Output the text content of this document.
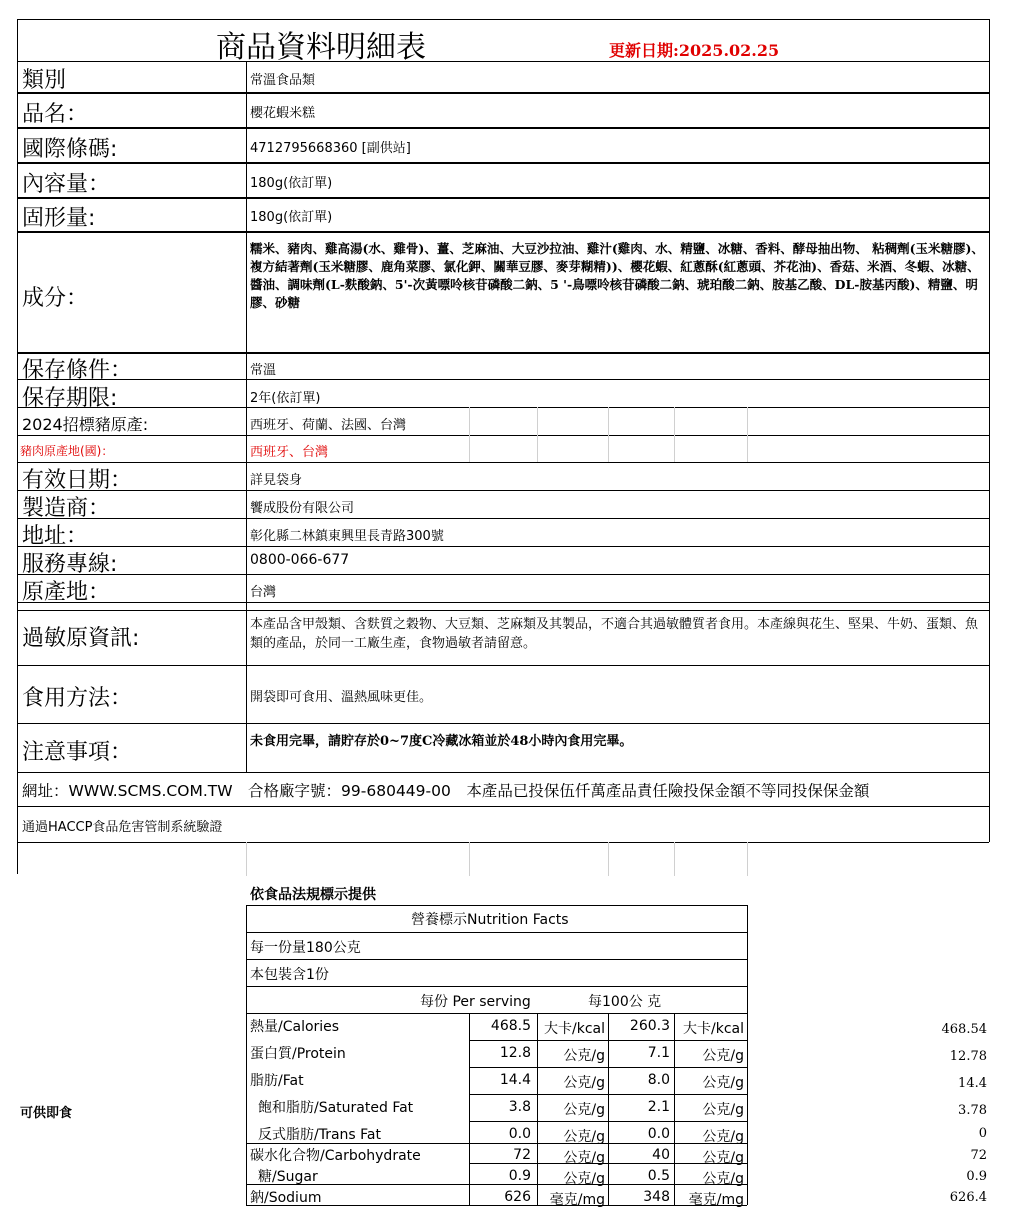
商品資料明細表	更新日期:2025.02.25
類別	常溫食品類
品名：	櫻花蝦米糕
國際條碼:	4712795668360 [副供站]
內容量：	180g(依訂單)
固形量:	180g(依訂單)
成分：
糯米、豬肉、雞高湯(水、雞骨)、薑、芝麻油、大豆沙拉油、雞汁(雞肉、水、精鹽、冰糖、香料、酵母抽出物、 粘稠劑(玉米糖膠)、複方結著劑(玉米糖膠、鹿角菜膠、氯化鉀、關華豆膠、麥芽糊精))、櫻花蝦、紅蔥酥(紅蔥頭、芥花油)、香菇、米酒、冬蝦、冰糖、醬油、調味劑(L-麩酸鈉、5'-次黃嘌呤核苷磷酸二鈉、5 '-鳥嘌呤核苷磷酸二鈉、琥珀酸二鈉、胺基乙酸、DL-胺基丙酸)、精鹽、明膠、砂糖
保存條件：	常溫
保存期限:	2年(依訂單)
2024招標豬原產:	西班牙、荷蘭、法國、台灣
豬肉原產地(國)：	西班牙、台灣
有效日期：	詳見袋身
製造商：	饗成股份有限公司
地址：	彰化縣二林鎮東興里長青路300號
服務專線:	0800-066-677
原產地：	台灣
過敏原資訊:
本產品含甲殼類、含麩質之穀物、大豆類、芝麻類及其製品，不適合其過敏體質者食用。本產線與花生、堅果、牛奶、蛋類、魚類的產品，於同一工廠生產，食物過敏者請留意。
食用方法：	開袋即可食用、溫熱風味更佳。
注意事項：	未食用完畢，請貯存於0~7度C冷藏冰箱並於48小時內食用完畢。
網址：WWW.SCMS.COM.TW　合格廠字號：99-680449-00　本產品已投保伍仟萬產品責任險投保金額不等同投保保金額
通過HACCP食品危害管制系統驗證
可供即食
依食品法規標示提供
營養標示Nutrition Facts
每一份量180公克
本包裝含1份
每份 Per serving	每100公 克
熱量/Calories	468.5 大卡/kcal	260.3 大卡/kcal	468.54
蛋白質/Protein	12.8	公克/g	7.1	公克/g	12.78
脂肪/Fat	14.4	公克/g	8.0	公克/g	14.4
飽和脂肪/Saturated Fat	3.8	公克/g	2.1	公克/g	3.78
反式脂肪/Trans Fat	0.0	公克/g	0.0	公克/g	0
碳水化合物/Carbohydrate	72	公克/g	40	公克/g	72
糖/Sugar	0.9	公克/g	0.5	公克/g	0.9
鈉/Sodium	626	毫克/mg	348	毫克/mg	626.4
